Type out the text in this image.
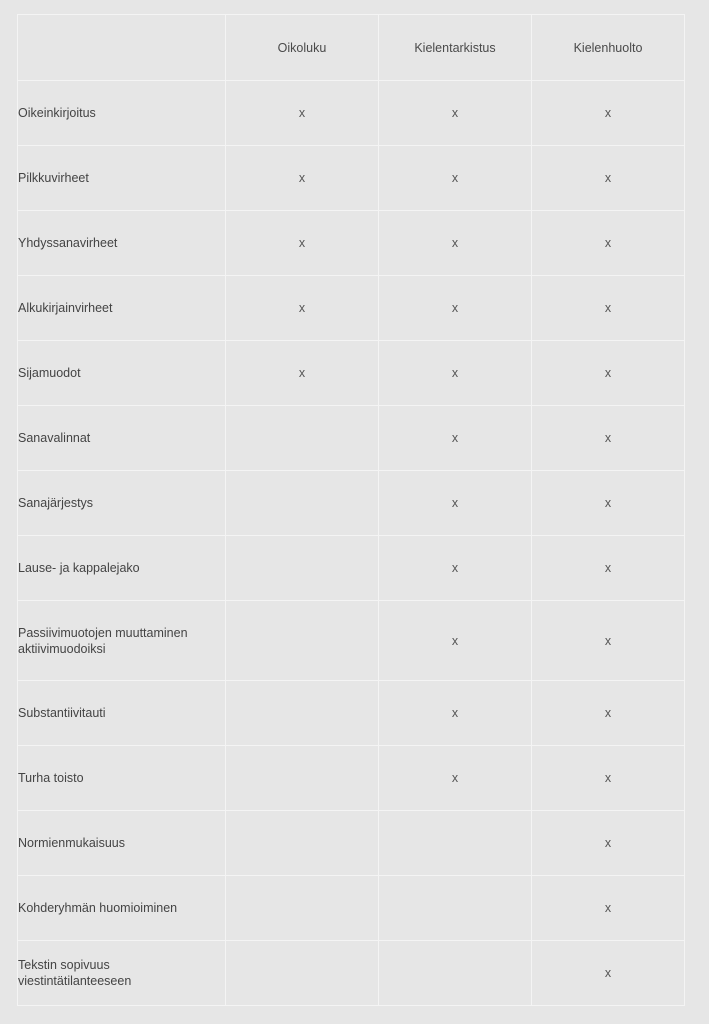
	Oikoluku	Kielentarkistus	Kielenhuolto
Oikeinkirjoitus	x	x	x
Pilkkuvirheet	x	x	x
Yhdyssanavirheet	x	x	x
Alkukirjainvirheet	x	x	x
Sijamuodot	x	x	x
Sanavalinnat		x	x
Sanajärjestys		x	x
Lause- ja kappalejako		x	x
Passiivimuotojen muuttaminen aktiivimuodoiksi		x	x
Substantiivitauti		x	x
Turha toisto		x	x
Normienmukaisuus			x
Kohderyhmän huomioiminen			x
Tekstin sopivuus viestintätilanteeseen			x
